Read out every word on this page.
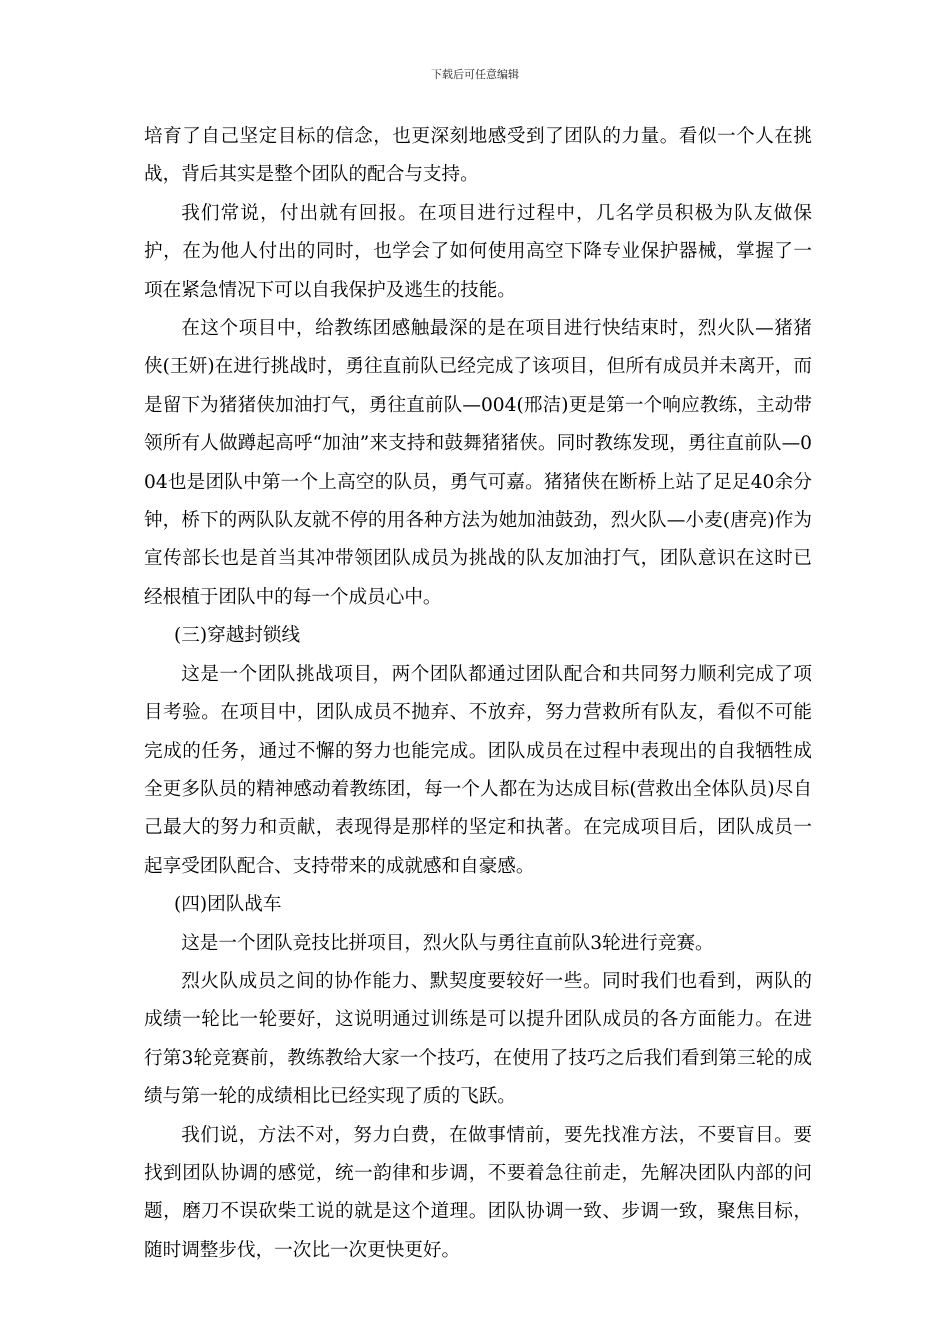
下载后可任意编辑

培育了自己坚定目标的信念，也更深刻地感受到了团队的力量。看似一个人在挑战，背后其实是整个团队的配合与支持。

我们常说，付出就有回报。在项目进行过程中，几名学员积极为队友做保护，在为他人付出的同时，也学会了如何使用高空下降专业保护器械，掌握了一项在紧急情况下可以自我保护及逃生的技能。

在这个项目中，给教练团感触最深的是在项目进行快结束时，烈火队—猪猪侠(王妍)在进行挑战时，勇往直前队已经完成了该项目，但所有成员并未离开，而是留下为猪猪侠加油打气，勇往直前队—004(邢洁)更是第一个响应教练，主动带领所有人做蹲起高呼“加油”来支持和鼓舞猪猪侠。同时教练发现，勇往直前队—004也是团队中第一个上高空的队员，勇气可嘉。猪猪侠在断桥上站了足足40余分钟，桥下的两队队友就不停的用各种方法为她加油鼓劲，烈火队—小麦(唐亮)作为宣传部长也是首当其冲带领团队成员为挑战的队友加油打气，团队意识在这时已经根植于团队中的每一个成员心中。

(三)穿越封锁线

这是一个团队挑战项目，两个团队都通过团队配合和共同努力顺利完成了项目考验。在项目中，团队成员不抛弃、不放弃，努力营救所有队友，看似不可能完成的任务，通过不懈的努力也能完成。团队成员在过程中表现出的自我牺牲成全更多队员的精神感动着教练团，每一个人都在为达成目标(营救出全体队员)尽自己最大的努力和贡献，表现得是那样的坚定和执著。在完成项目后，团队成员一起享受团队配合、支持带来的成就感和自豪感。

(四)团队战车

这是一个团队竞技比拼项目，烈火队与勇往直前队3轮进行竞赛。

烈火队成员之间的协作能力、默契度要较好一些。同时我们也看到，两队的成绩一轮比一轮要好，这说明通过训练是可以提升团队成员的各方面能力。在进行第3轮竞赛前，教练教给大家一个技巧，在使用了技巧之后我们看到第三轮的成绩与第一轮的成绩相比已经实现了质的飞跃。

我们说，方法不对，努力白费，在做事情前，要先找准方法，不要盲目。要找到团队协调的感觉，统一韵律和步调，不要着急往前走，先解决团队内部的问题，磨刀不误砍柴工说的就是这个道理。团队协调一致、步调一致，聚焦目标，随时调整步伐，一次比一次更快更好。
